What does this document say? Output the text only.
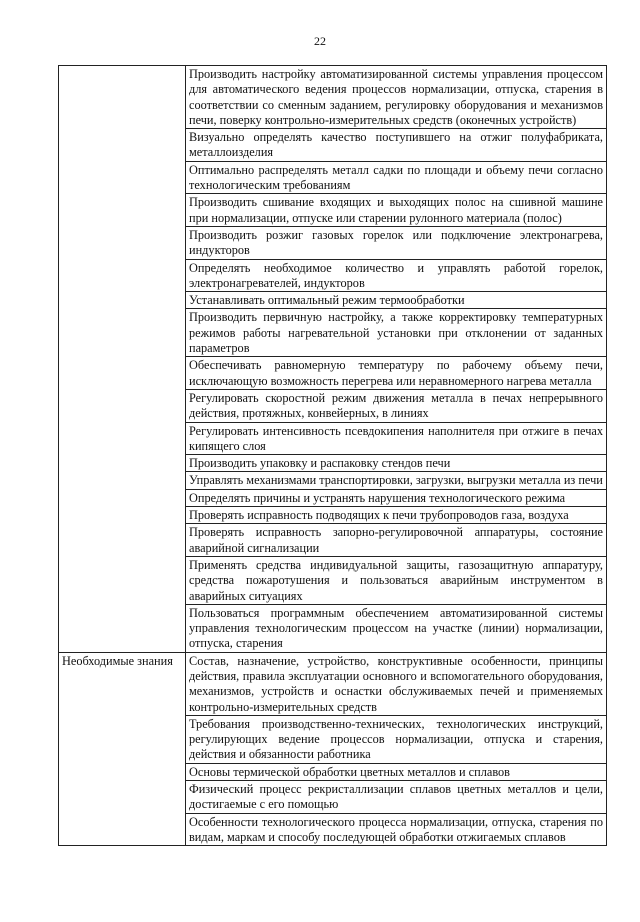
22
	Производить настройку автоматизированной системы управления процессом для автоматического ведения процессов нормализации, отпуска, старения в соответствии со сменным заданием, регулировку оборудования и механизмов печи, поверку контрольно-измерительных средств (оконечных устройств)
	Визуально определять качество поступившего на отжиг полуфабриката, металлоизделия
	Оптимально распределять металл садки по площади и объему печи согласно технологическим требованиям
	Производить сшивание входящих и выходящих полос на сшивной машине при нормализации, отпуске или старении рулонного материала (полос)
	Производить розжиг газовых горелок или подключение электронагрева, индукторов
	Определять необходимое количество и управлять работой горелок, электронагревателей, индукторов
	Устанавливать оптимальный режим термообработки
	Производить первичную настройку, а также корректировку температурных режимов работы нагревательной установки при отклонении от заданных параметров
	Обеспечивать равномерную температуру по рабочему объему печи, исключающую возможность перегрева или неравномерного нагрева металла
	Регулировать скоростной режим движения металла в печах непрерывного действия, протяжных, конвейерных, в линиях
	Регулировать интенсивность псевдокипения наполнителя при отжиге в печах кипящего слоя
	Производить упаковку и распаковку стендов печи
	Управлять механизмами транспортировки, загрузки, выгрузки металла из печи
	Определять причины и устранять нарушения технологического режима
	Проверять исправность подводящих к печи трубопроводов газа, воздуха
	Проверять исправность запорно-регулировочной аппаратуры, состояние аварийной сигнализации
	Применять средства индивидуальной защиты, газозащитную аппаратуру, средства пожаротушения и пользоваться аварийным инструментом в аварийных ситуациях
	Пользоваться программным обеспечением автоматизированной системы управления технологическим процессом на участке (линии) нормализации, отпуска, старения
Необходимые знания	Состав, назначение, устройство, конструктивные особенности, принципы действия, правила эксплуатации основного и вспомогательного оборудования, механизмов, устройств и оснастки обслуживаемых печей и применяемых контрольно-измерительных средств
	Требования производственно-технических, технологических инструкций, регулирующих ведение процессов нормализации, отпуска и старения, действия и обязанности работника
	Основы термической обработки цветных металлов и сплавов
	Физический процесс рекристаллизации сплавов цветных металлов и цели, достигаемые с его помощью
	Особенности технологического процесса нормализации, отпуска, старения по видам, маркам и способу последующей обработки отжигаемых сплавов
